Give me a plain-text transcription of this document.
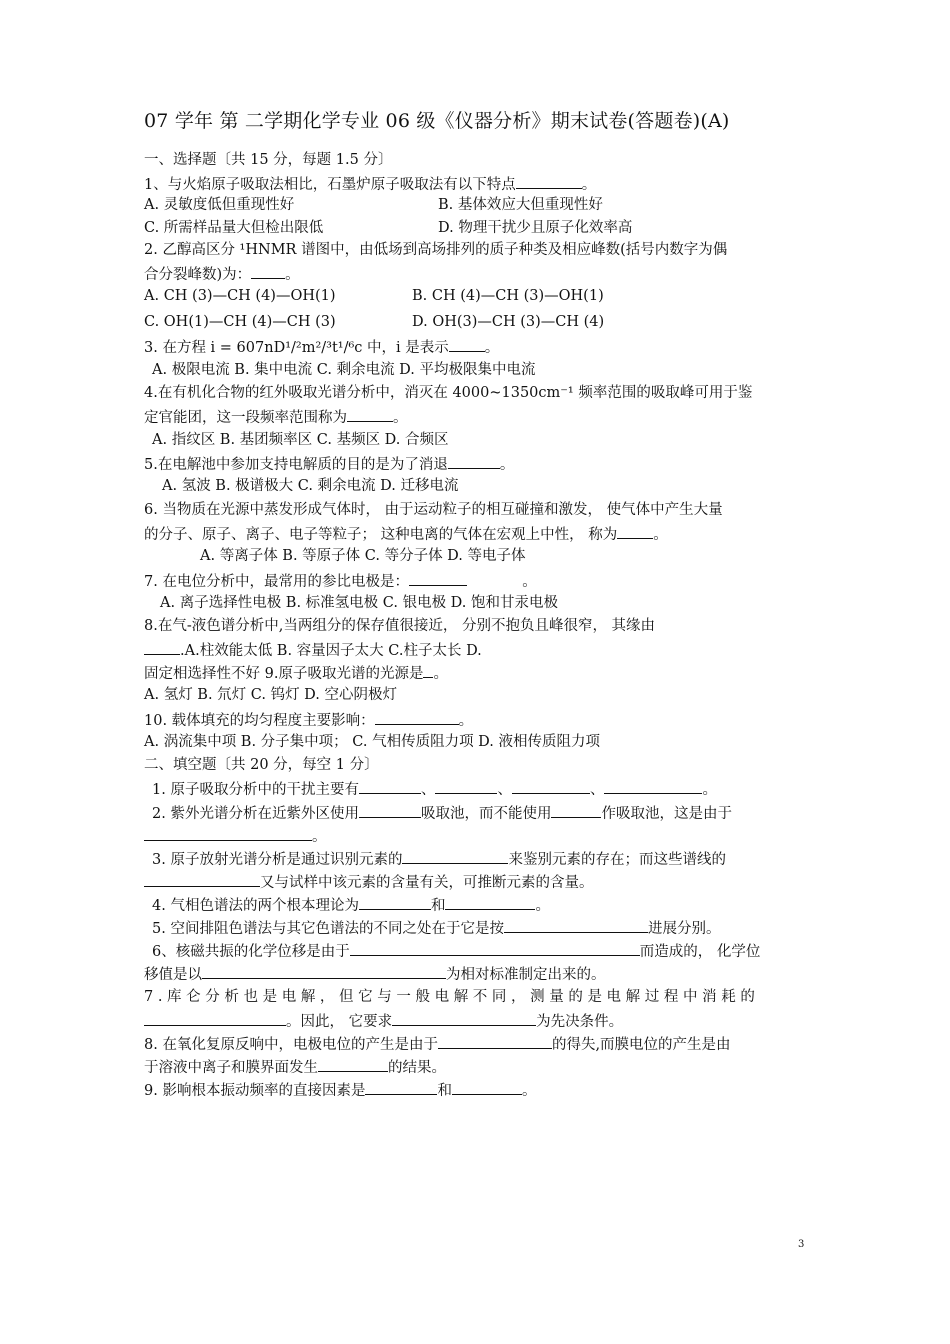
07 学年 第 二学期化学专业 06 级《仪器分析》期末试卷(答题卷)(A)
一、选择题〔共 15 分，每题 1.5 分〕
1、与火焰原子吸取法相比，石墨炉原子吸取法有以下特点	。
A. 灵敏度低但重现性好	B. 基体效应大但重现性好
C. 所需样品量大但检出限低	D. 物理干扰少且原子化效率高
2. 乙醇高区分 ¹HNMR 谱图中，由低场到高场排列的质子种类及相应峰数(括号内数字为偶
合分裂峰数)为： 。
A. CH (3)—CH (4)—OH(1)	B. CH (4)—CH (3)—OH(1)
C. OH(1)—CH (4)—CH (3)	D. OH(3)—CH (3)—CH (4)
3. 在方程 i = 607nD¹/²m²/³t¹/⁶c 中，i 是表示 。
A. 极限电流 B. 集中电流 C. 剩余电流 D. 平均极限集中电流
4.在有机化合物的红外吸取光谱分析中，消灭在 4000~1350cm⁻¹ 频率范围的吸取峰可用于鉴
定官能团，这一段频率范围称为	。
A. 指纹区 B. 基团频率区 C. 基频区 D. 合频区
5.在电解池中参加支持电解质的目的是为了消退	。
A. 氢波 B. 极谱极大 C. 剩余电流 D. 迁移电流
6. 当物质在光源中蒸发形成气体时， 由于运动粒子的相互碰撞和激发， 使气体中产生大量
的分子、原子、离子、电子等粒子； 这种电离的气体在宏观上中性， 称为 。
A. 等离子体 B. 等原子体 C. 等分子体 D. 等电子体
7. 在电位分析中，最常用的参比电极是：	。
A. 离子选择性电极 B. 标准氢电极 C. 银电极 D. 饱和甘汞电极
8.在气-液色谱分析中,当两组分的保存值很接近， 分别不抱负且峰很窄， 其缘由
.A.柱效能太低 B. 容量因子太大 C.柱子太长 D.
固定相选择性不好 9.原子吸取光谱的光源是 。
A. 氢灯 B. 氘灯 C. 钨灯 D. 空心阴极灯
10. 载体填充的均匀程度主要影响：	。
A. 涡流集中项 B. 分子集中项； C. 气相传质阻力项 D. 液相传质阻力项
二、填空题〔共 20 分，每空 1 分〕
1. 原子吸取分析中的干扰主要有	、	、	、	。
2. 紫外光谱分析在近紫外区使用	吸取池，而不能使用	作吸取池，这是由于
。
3. 原子放射光谱分析是通过识别元素的	来鉴别元素的存在；而这些谱线的
又与试样中该元素的含量有关，可推断元素的含量。
4. 气相色谱法的两个根本理论为	和	。
5. 空间排阻色谱法与其它色谱法的不同之处在于它是按	进展分别。
6、核磁共振的化学位移是由于	而造成的， 化学位
移值是以	为相对标准制定出来的。
7 . 库 仑 分 析 也 是 电 解 ， 但 它 与 一 般 电 解 不 同 ， 测 量 的 是 电 解 过 程 中 消 耗 的
。因此， 它要求	为先决条件。
8. 在氧化复原反响中，电极电位的产生是由于	的得失,而膜电位的产生是由
于溶液中离子和膜界面发生	的结果。
9. 影响根本振动频率的直接因素是	和	。
3
